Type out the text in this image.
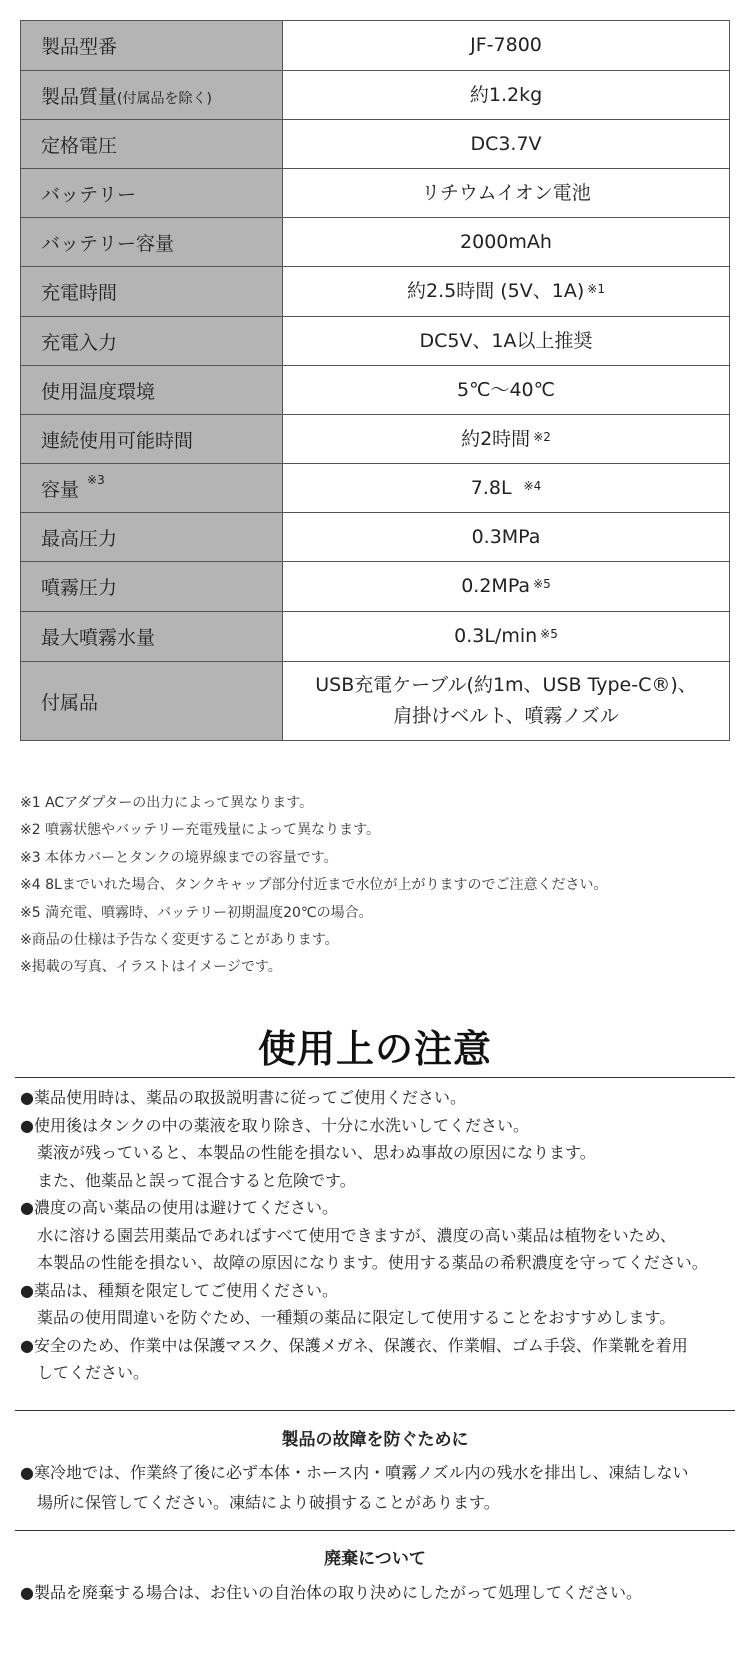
製品型番	JF-7800
製品質量(付属品を除く)	約1.2kg
定格電圧	DC3.7V
バッテリー	リチウムイオン電池
バッテリー容量	2000mAh
充電時間	約2.5時間 (5V、1A) $^{※1}$
充電入力	DC5V、1A以上推奨
使用温度環境	5℃～40℃
連続使用可能時間	約2時間 $^{※2}$
容量 $^{※3}$	7.8L $^{※4}$
最高圧力	0.3MPa
噴霧圧力	0.2MPa $^{※5}$
最大噴霧水量	0.3L/min $^{※5}$
付属品	USB充電ケーブル(約1m、USB Type-C®)、
肩掛けベルト、噴霧ノズル
※1 ACアダプターの出力によって異なります。
※2 噴霧状態やバッテリー充電残量によって異なります。
※3 本体カバーとタンクの境界線までの容量です。
※4 8Lまでいれた場合、タンクキャップ部分付近まで水位が上がりますのでご注意ください。
※5 満充電、噴霧時、バッテリー初期温度20℃の場合。
※商品の仕様は予告なく変更することがあります。
※掲載の写真、イラストはイメージです。
使用上の注意
●薬品使用時は、薬品の取扱説明書に従ってご使用ください。
●使用後はタンクの中の薬液を取り除き、十分に水洗いしてください。
薬液が残っていると、本製品の性能を損ない、思わぬ事故の原因になります。
また、他薬品と誤って混合すると危険です。
●濃度の高い薬品の使用は避けてください。
水に溶ける園芸用薬品であればすべて使用できますが、濃度の高い薬品は植物をいため、
本製品の性能を損ない、故障の原因になります。使用する薬品の希釈濃度を守ってください。
●薬品は、種類を限定してご使用ください。
薬品の使用間違いを防ぐため、一種類の薬品に限定して使用することをおすすめします。
●安全のため、作業中は保護マスク、保護メガネ、保護衣、作業帽、ゴム手袋、作業靴を着用
してください。
製品の故障を防ぐために
●寒冷地では、作業終了後に必ず本体・ホース内・噴霧ノズル内の残水を排出し、凍結しない
場所に保管してください。凍結により破損することがあります。
廃棄について
●製品を廃棄する場合は、お住いの自治体の取り決めにしたがって処理してください。
